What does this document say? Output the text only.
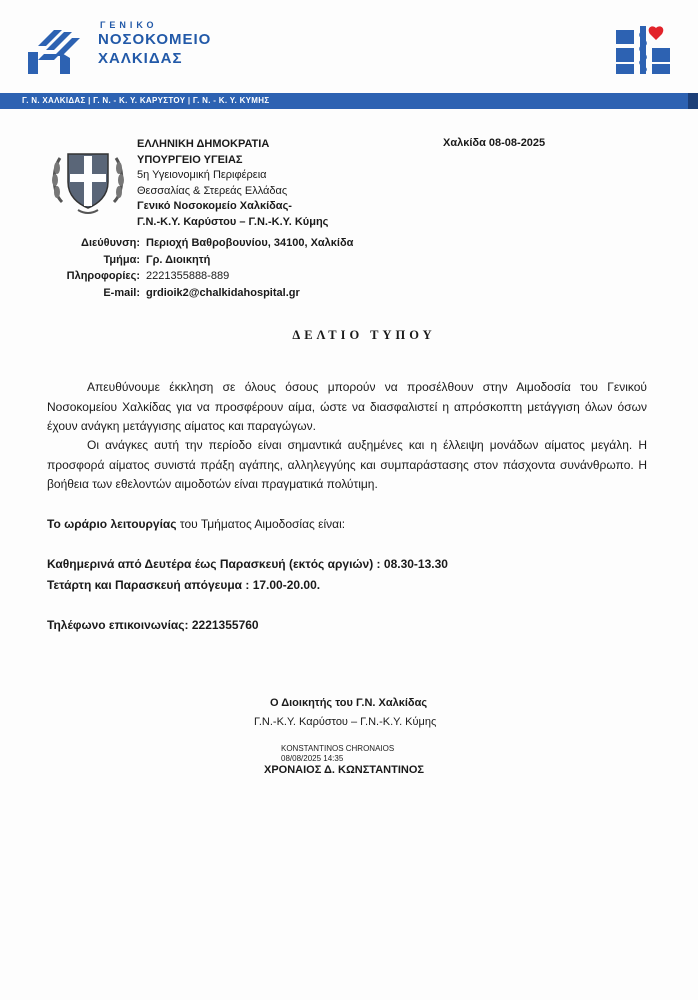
ΓΕΝΙΚΟ
ΝΟΣΟΚΟΜΕΙΟ
ΧΑΛΚΙΔΑΣ
Γ. Ν. ΧΑΛΚΙΔΑΣ | Γ. Ν. - Κ. Υ. ΚΑΡΥΣΤΟΥ | Γ. Ν. - Κ. Υ. ΚΥΜΗΣ
ΕΛΛΗΝΙΚΗ ΔΗΜΟΚΡΑΤΙΑ
ΥΠΟΥΡΓΕΙΟ ΥΓΕΙΑΣ
5η Υγειονομική Περιφέρεια
Θεσσαλίας & Στερεάς Ελλάδας
Γενικό Νοσοκομείο Χαλκίδας-
Γ.Ν.-Κ.Υ. Καρύστου – Γ.Ν.-Κ.Υ. Κύμης
Χαλκίδα 08-08-2025
Διεύθυνση:
Τμήμα:
Πληροφορίες:
E-mail:
Περιοχή Βαθροβουνίου, 34100, Χαλκίδα
Γρ. Διοικητή
2221355888-889
grdioik2@chalkidahospital.gr
ΔΕΛΤΙΟ ΤΥΠΟΥ
Απευθύνουμε έκκληση σε όλους όσους μπορούν να προσέλθουν στην Αιμοδοσία του Γενικού Νοσοκομείου Χαλκίδας για να προσφέρουν αίμα, ώστε να διασφαλιστεί η απρόσκοπτη μετάγγιση όλων όσων έχουν ανάγκη μετάγγισης αίματος και παραγώγων.
Οι ανάγκες αυτή την περίοδο είναι σημαντικά αυξημένες και η έλλειψη μονάδων αίματος μεγάλη. Η προσφορά αίματος συνιστά πράξη αγάπης, αλληλεγγύης και συμπαράστασης στον πάσχοντα συνάνθρωπο. Η βοήθεια των εθελοντών αιμοδοτών είναι πραγματικά πολύτιμη.
Το ωράριο λειτουργίας του Τμήματος Αιμοδοσίας είναι:
Καθημερινά από Δευτέρα έως Παρασκευή (εκτός αργιών) : 08.30-13.30
Τετάρτη και Παρασκευή απόγευμα : 17.00-20.00.
Τηλέφωνο επικοινωνίας: 2221355760
Ο Διοικητής του Γ.Ν. Χαλκίδας
Γ.Ν.-Κ.Υ. Καρύστου – Γ.Ν.-Κ.Υ. Κύμης
KONSTANTINOS CHRONAIOS
08/08/2025 14:35
ΧΡΟΝΑΙΟΣ Δ. ΚΩΝΣΤΑΝΤΙΝΟΣ
